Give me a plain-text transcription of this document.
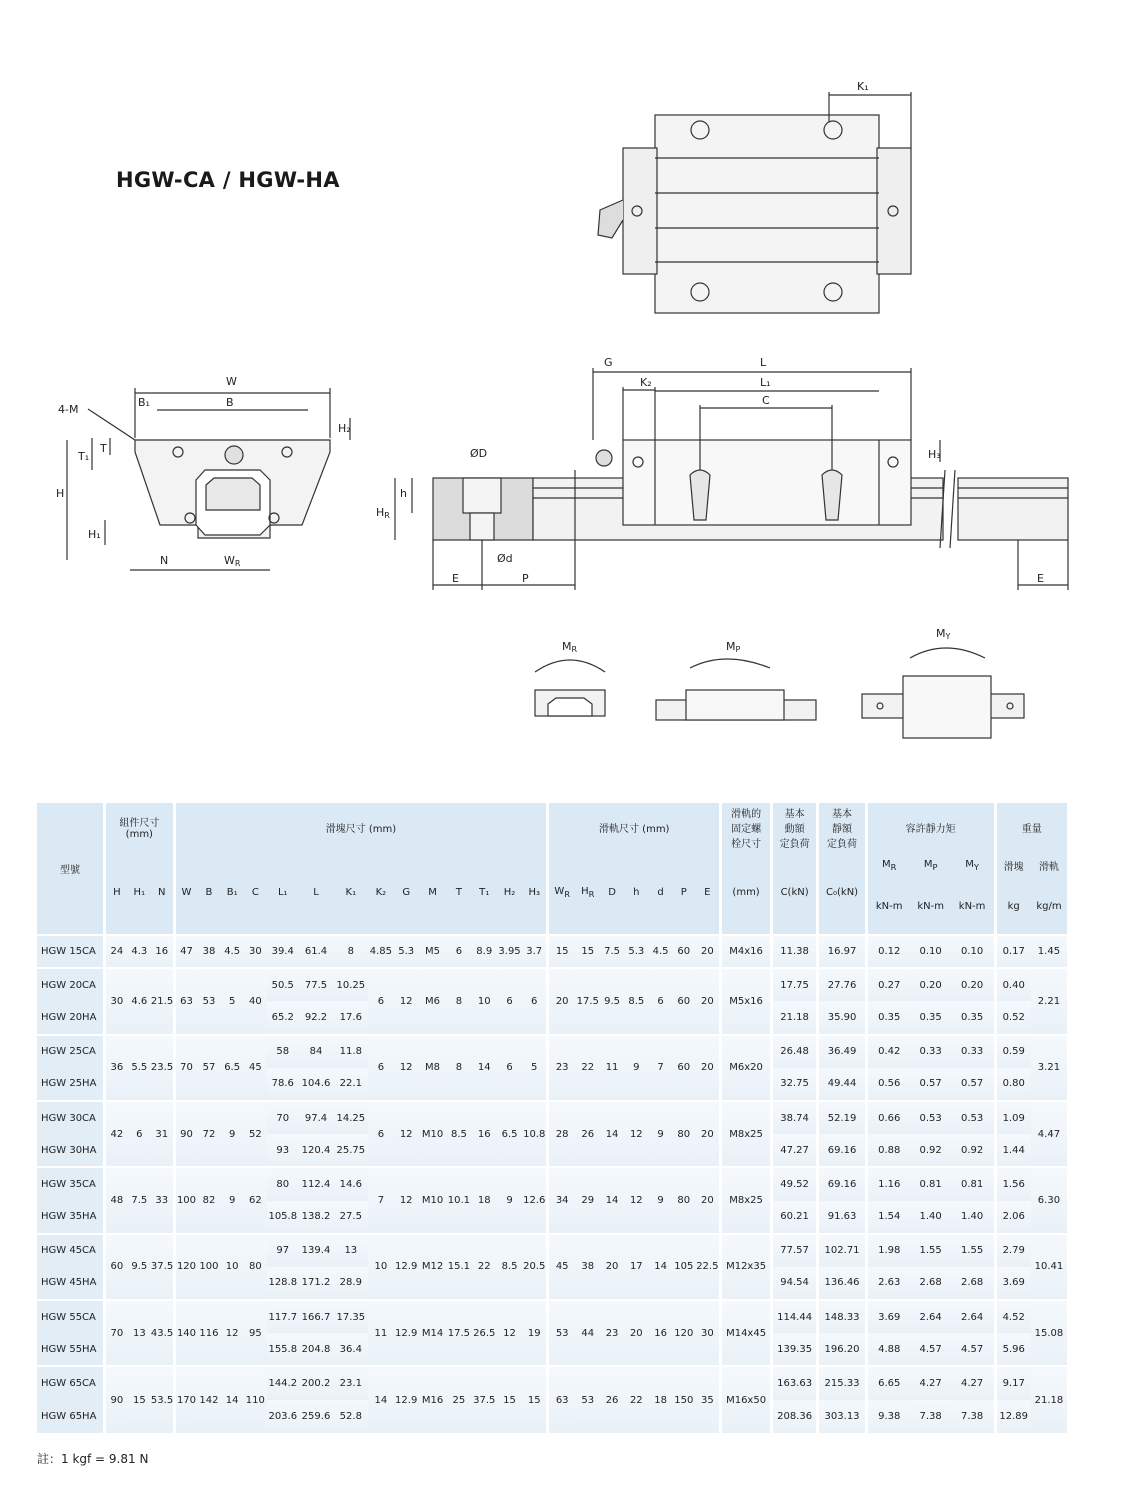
HGW-CA / HGW-HA
K₁
W
B
B₁
4-M
T
T₁
H
H₁
H₂
N	WR
ØD
HR
h
Ød
E	P
G	L
L₁
K₂
C
H₃
E
MR	MP
MY
型號	組件尺寸
(mm)			滑塊尺寸 (mm)														滑軌尺寸 (mm)							滑軌的
固定螺
栓尺寸	基本
動額
定負荷	基本
靜額
定負荷	容許靜力矩			重量	
	H	H₁	N	W	B	B₁	C	L₁	L	K₁	K₂	G	M	T	T₁	H₂	H₃	$W_R$	$H_R$	D	h	d	P	E	(mm)	C(kN)	C₀(kN)	$M_R$	$M_P$	$M_Y$	滑塊	滑軌
																												kN-m	kN-m	kN-m	kg	kg/m
HGW 15CA	24	4.3	16	47	38	4.5	30	39.4	61.4	8	4.85	5.3	M5	6	8.9	3.95	3.7	15	15	7.5	5.3	4.5	60	20	M4x16	11.38	16.97	0.12	0.10	0.10	0.17	1.45
HGW 20CA	30	4.6	21.5	63	53	5	40	50.5	77.5	10.25	6	12	M6	8	10	6	6	20	17.5	9.5	8.5	6	60	20	M5x16	17.75	27.76	0.27	0.20	0.20	0.40	2.21
HGW 20HA								65.2	92.2	17.6																21.18	35.90	0.35	0.35	0.35	0.52	
HGW 25CA	36	5.5	23.5	70	57	6.5	45	58	84	11.8	6	12	M8	8	14	6	5	23	22	11	9	7	60	20	M6x20	26.48	36.49	0.42	0.33	0.33	0.59	3.21
HGW 25HA								78.6	104.6	22.1																32.75	49.44	0.56	0.57	0.57	0.80	
HGW 30CA	42	6	31	90	72	9	52	70	97.4	14.25	6	12	M10	8.5	16	6.5	10.8	28	26	14	12	9	80	20	M8x25	38.74	52.19	0.66	0.53	0.53	1.09	4.47
HGW 30HA								93	120.4	25.75																47.27	69.16	0.88	0.92	0.92	1.44	
HGW 35CA	48	7.5	33	100	82	9	62	80	112.4	14.6	7	12	M10	10.1	18	9	12.6	34	29	14	12	9	80	20	M8x25	49.52	69.16	1.16	0.81	0.81	1.56	6.30
HGW 35HA								105.8	138.2	27.5																60.21	91.63	1.54	1.40	1.40	2.06	
HGW 45CA	60	9.5	37.5	120	100	10	80	97	139.4	13	10	12.9	M12	15.1	22	8.5	20.5	45	38	20	17	14	105	22.5	M12x35	77.57	102.71	1.98	1.55	1.55	2.79	10.41
HGW 45HA								128.8	171.2	28.9																94.54	136.46	2.63	2.68	2.68	3.69	
HGW 55CA	70	13	43.5	140	116	12	95	117.7	166.7	17.35	11	12.9	M14	17.5	26.5	12	19	53	44	23	20	16	120	30	M14x45	114.44	148.33	3.69	2.64	2.64	4.52	15.08
HGW 55HA								155.8	204.8	36.4																139.35	196.20	4.88	4.57	4.57	5.96	
HGW 65CA	90	15	53.5	170	142	14	110	144.2	200.2	23.1	14	12.9	M16	25	37.5	15	15	63	53	26	22	18	150	35	M16x50	163.63	215.33	6.65	4.27	4.27	9.17	21.18
HGW 65HA								203.6	259.6	52.8																208.36	303.13	9.38	7.38	7.38	12.89	
註：1 kgf = 9.81 N
